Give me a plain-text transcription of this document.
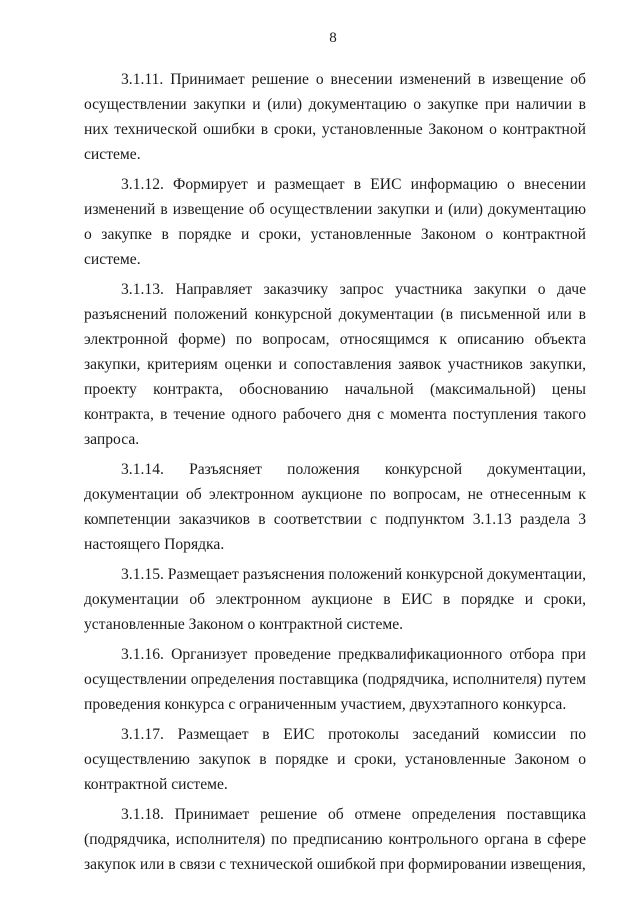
8

3.1.11. Принимает решение о внесении изменений в извещение об осуществлении закупки и (или) документацию о закупке при наличии в них технической ошибки в сроки, установленные Законом о контрактной системе.

3.1.12. Формирует и размещает в ЕИС информацию о внесении изменений в извещение об осуществлении закупки и (или) документацию о закупке в порядке и сроки, установленные Законом о контрактной системе.

3.1.13. Направляет заказчику запрос участника закупки о даче разъяснений положений конкурсной документации (в письменной или в электронной форме) по вопросам, относящимся к описанию объекта закупки, критериям оценки и сопоставления заявок участников закупки, проекту контракта, обоснованию начальной (максимальной) цены контракта, в течение одного рабочего дня с момента поступления такого запроса.

3.1.14. Разъясняет положения конкурсной документации, документации об электронном аукционе по вопросам, не отнесенным к компетенции заказчиков в соответствии с подпунктом 3.1.13 раздела 3 настоящего Порядка.

3.1.15. Размещает разъяснения положений конкурсной документации, документации об электронном аукционе в ЕИС в порядке и сроки, установленные Законом о контрактной системе.

3.1.16. Организует проведение предквалификационного отбора при осуществлении определения поставщика (подрядчика, исполнителя) путем проведения конкурса с ограниченным участием, двухэтапного конкурса.

3.1.17. Размещает в ЕИС протоколы заседаний комиссии по осуществлению закупок в порядке и сроки, установленные Законом о контрактной системе.

3.1.18. Принимает решение об отмене определения поставщика (подрядчика, исполнителя) по предписанию контрольного органа в сфере закупок или в связи с технической ошибкой при формировании извещения,
